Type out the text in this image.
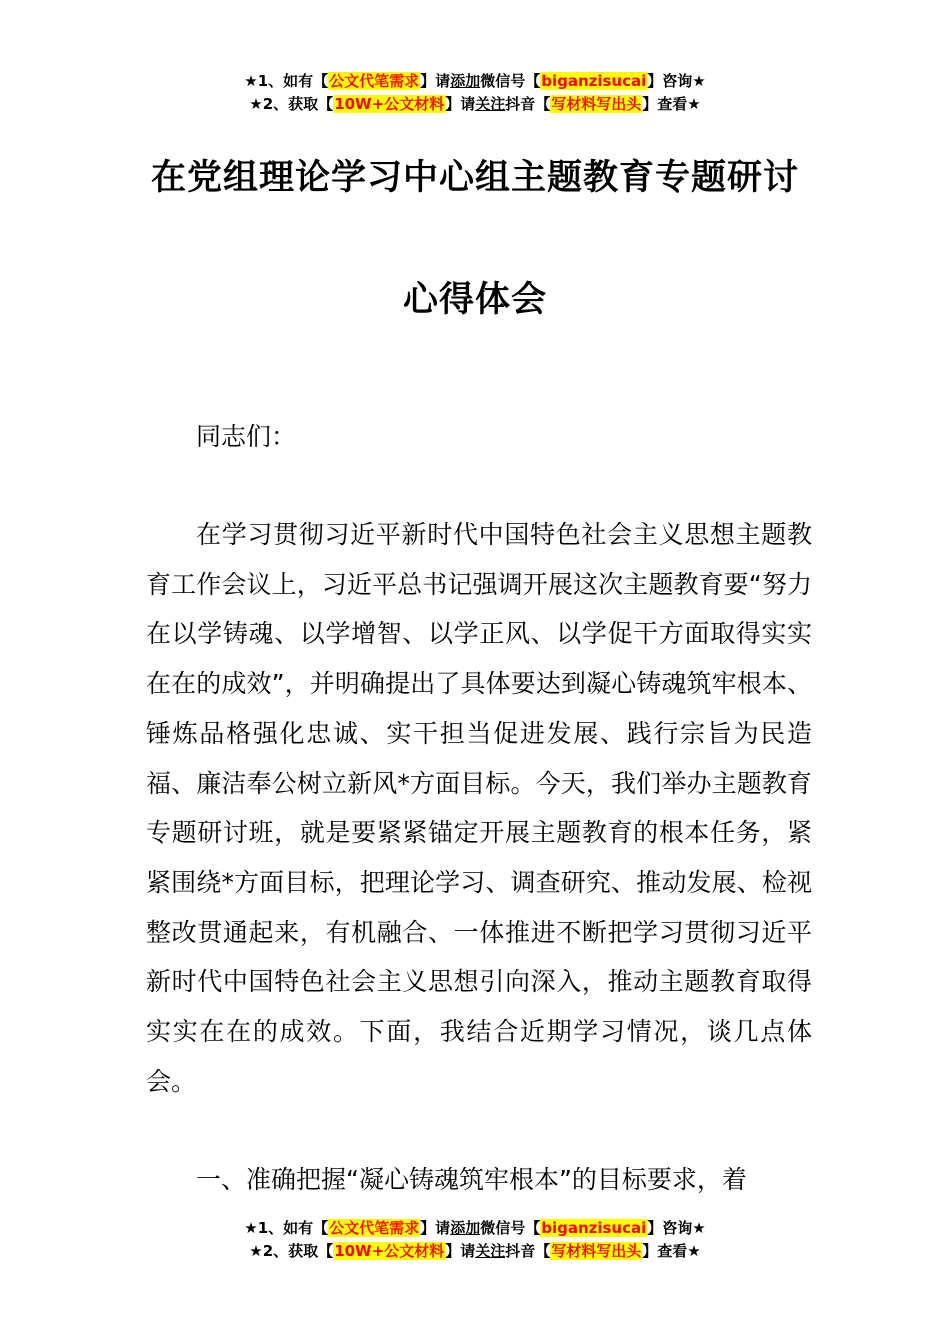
★1、如有【公文代笔需求】请添加微信号【biganzisucai】咨询★
★2、获取【10W+公文材料】请关注抖音【写材料写出头】查看★
在党组理论学习中心组主题教育专题研讨
心得体会
同志们：
在学习贯彻习近平新时代中国特色社会主义思想主题教育工作会议上，习近平总书记强调开展这次主题教育要“努力在以学铸魂、以学增智、以学正风、以学促干方面取得实实在在的成效”，并明确提出了具体要达到凝心铸魂筑牢根本、锤炼品格强化忠诚、实干担当促进发展、践行宗旨为民造福、廉洁奉公树立新风*方面目标。今天，我们举办主题教育专题研讨班，就是要紧紧锚定开展主题教育的根本任务，紧紧围绕*方面目标，把理论学习、调查研究、推动发展、检视整改贯通起来，有机融合、一体推进不断把学习贯彻习近平新时代中国特色社会主义思想引向深入，推动主题教育取得实实在在的成效。下面，我结合近期学习情况，谈几点体会。
一、准确把握“凝心铸魂筑牢根本”的目标要求，着
★1、如有【公文代笔需求】请添加微信号【biganzisucai】咨询★
★2、获取【10W+公文材料】请关注抖音【写材料写出头】查看★
